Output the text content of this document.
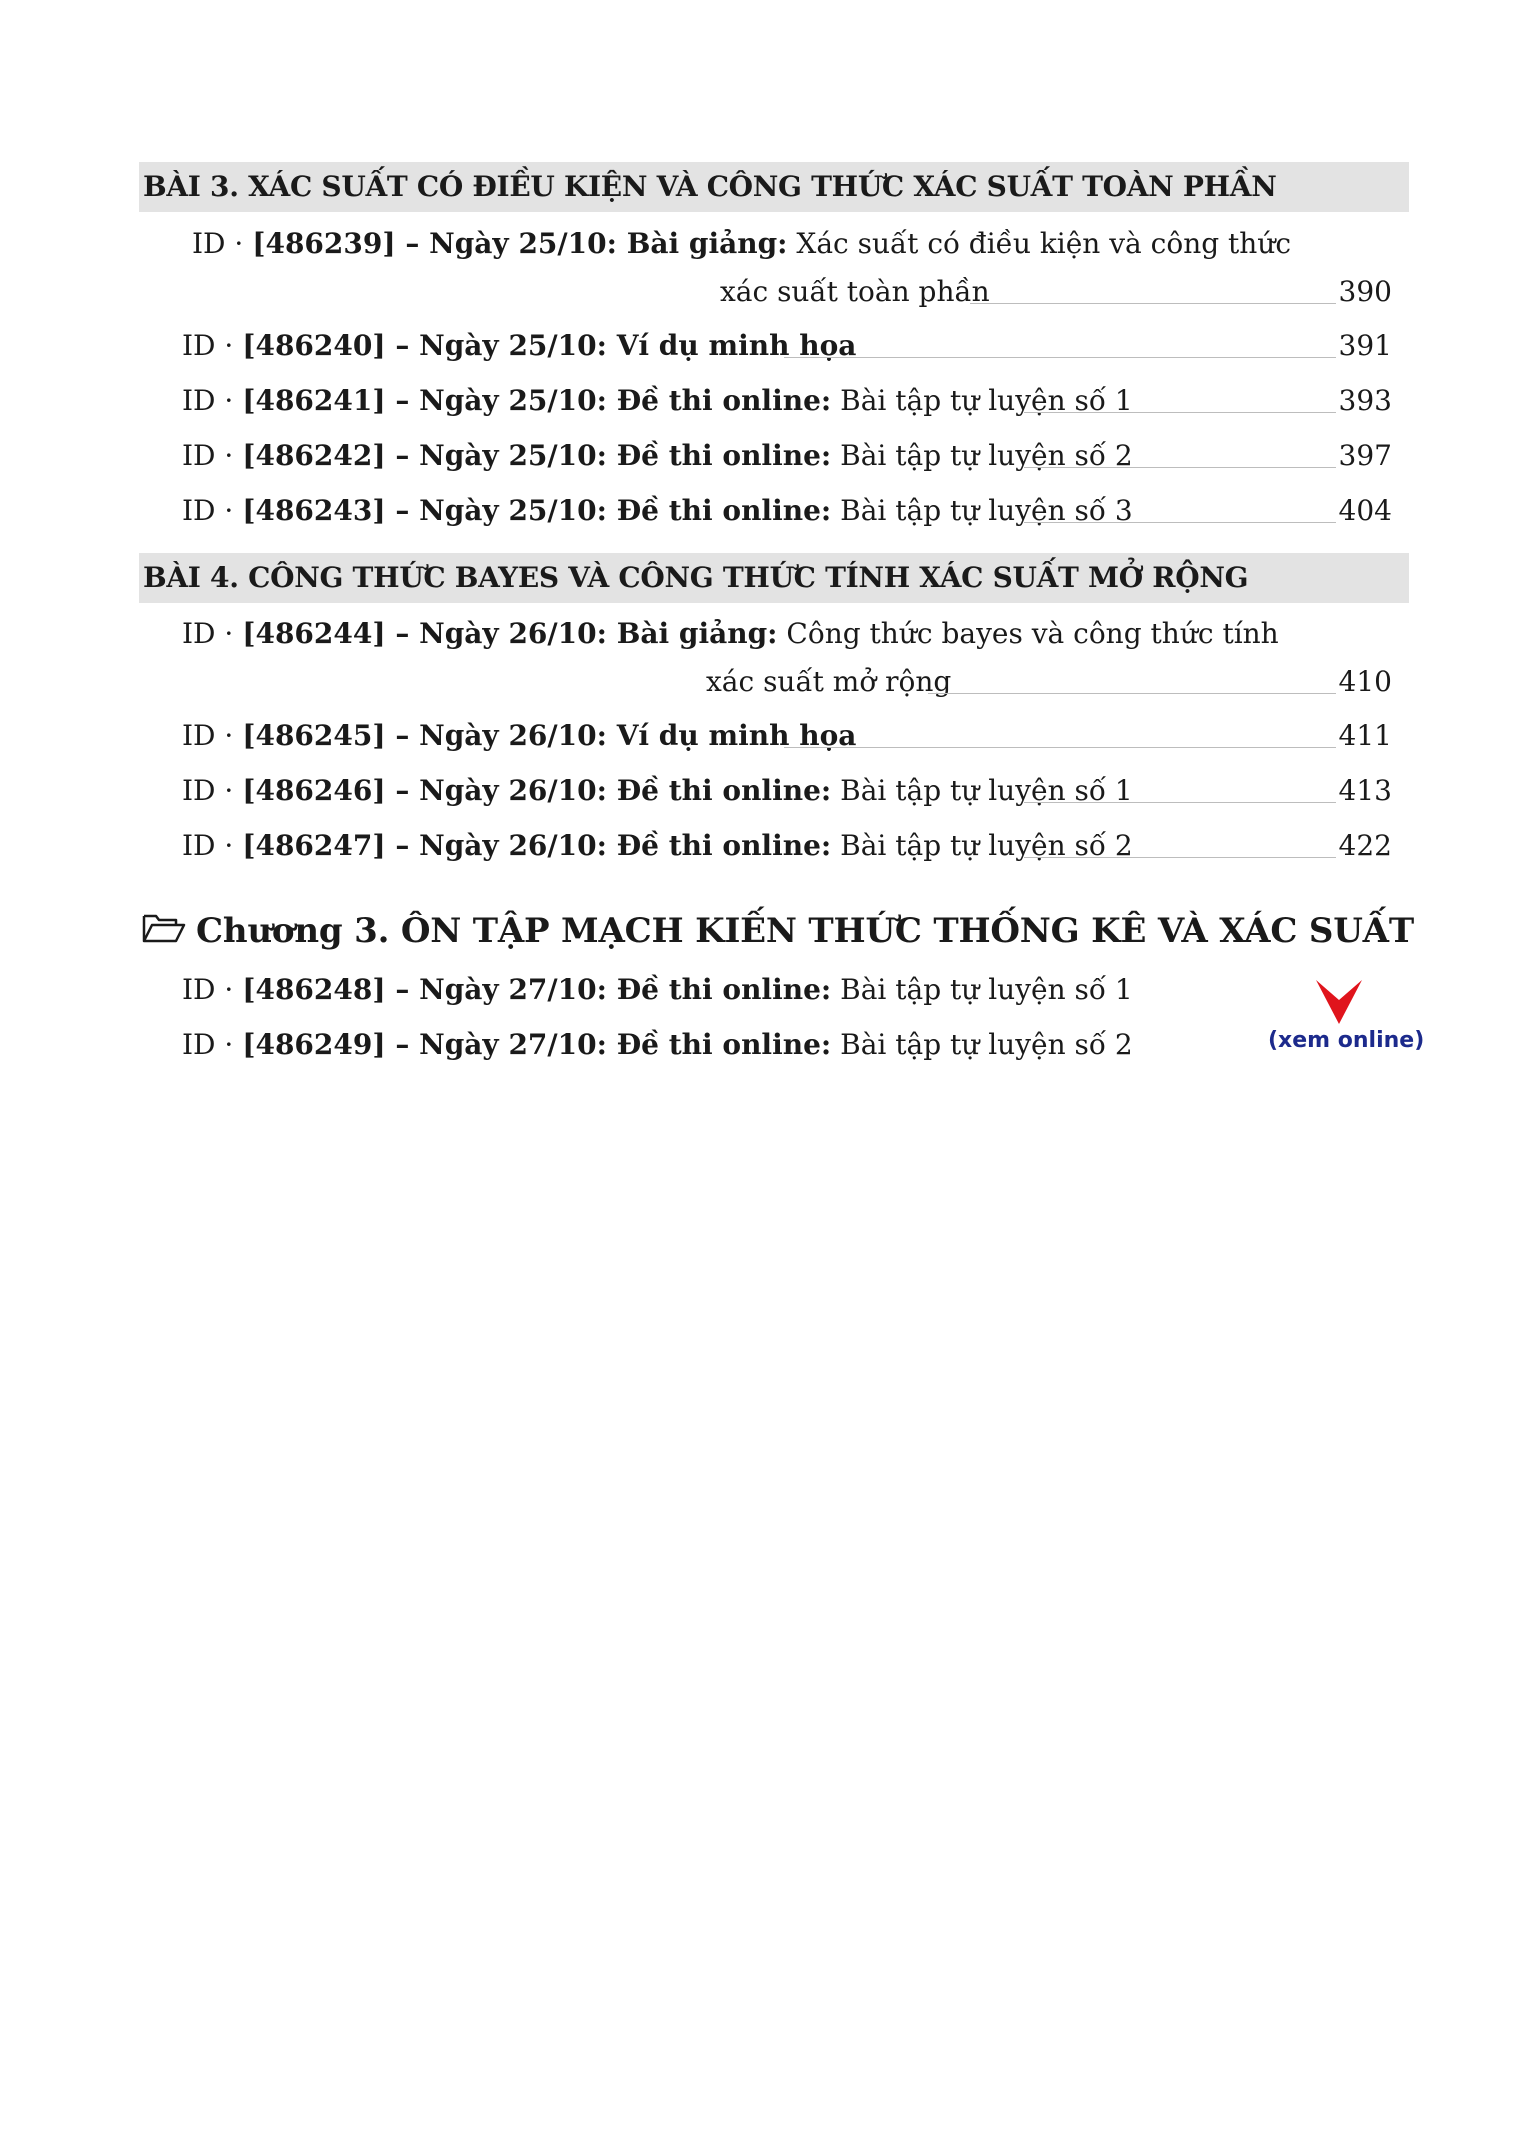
BÀI 3. XÁC SUẤT CÓ ĐIỀU KIỆN VÀ CÔNG THỨC XÁC SUẤT TOÀN PHẦN
ID · [486239] – Ngày 25/10: Bài giảng: Xác suất có điều kiện và công thức
xác suất toàn phần	390
ID · [486240] – Ngày 25/10: Ví dụ minh họa	391
ID · [486241] – Ngày 25/10: Đề thi online: Bài tập tự luyện số 1	393
ID · [486242] – Ngày 25/10: Đề thi online: Bài tập tự luyện số 2	397
ID · [486243] – Ngày 25/10: Đề thi online: Bài tập tự luyện số 3	404
BÀI 4. CÔNG THỨC BAYES VÀ CÔNG THỨC TÍNH XÁC SUẤT MỞ RỘNG
ID · [486244] – Ngày 26/10: Bài giảng: Công thức bayes và công thức tính
xác suất mở rộng	410
ID · [486245] – Ngày 26/10: Ví dụ minh họa	411
ID · [486246] – Ngày 26/10: Đề thi online: Bài tập tự luyện số 1	413
ID · [486247] – Ngày 26/10: Đề thi online: Bài tập tự luyện số 2	422
Chương 3. ÔN TẬP MẠCH KIẾN THỨC THỐNG KÊ VÀ XÁC SUẤT
ID · [486248] – Ngày 27/10: Đề thi online: Bài tập tự luyện số 1
ID · [486249] – Ngày 27/10: Đề thi online: Bài tập tự luyện số 2	(xem online)
